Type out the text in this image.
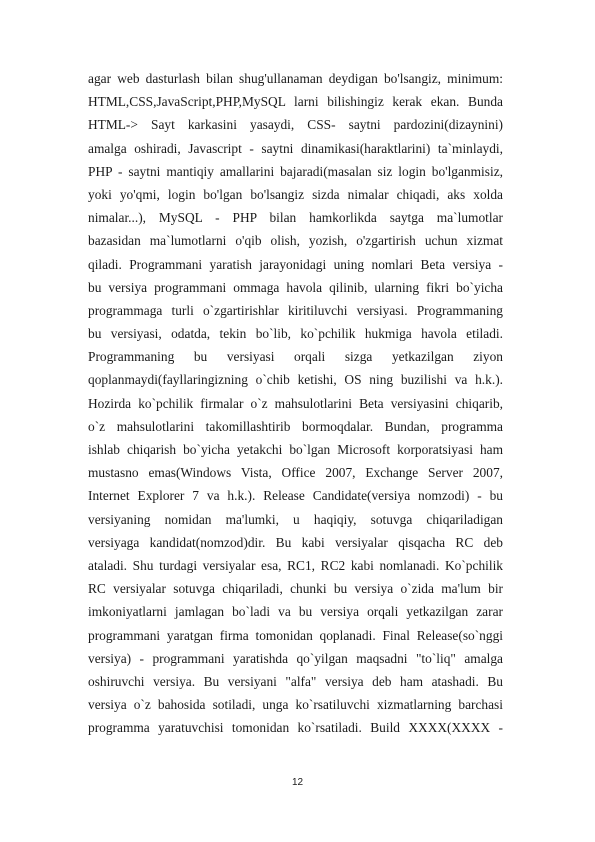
agar web dasturlash bilan shug'ullanaman deydigan bo'lsangiz, minimum:
HTML,CSS,JavaScript,PHP,MySQL larni bilishingiz kerak ekan. Bunda
HTML-> Sayt karkasini yasaydi, CSS- saytni pardozini(dizaynini)
amalga oshiradi, Javascript - saytni dinamikasi(haraktlarini) ta`minlaydi,
PHP - saytni mantiqiy amallarini bajaradi(masalan siz login bo'lganmisiz,
yoki yo'qmi, login bo'lgan bo'lsangiz sizda nimalar chiqadi, aks xolda
nimalar...), MySQL - PHP bilan hamkorlikda saytga ma`lumotlar
bazasidan ma`lumotlarni o'qib olish, yozish, o'zgartirish uchun xizmat
qiladi. Programmani yaratish jarayonidagi uning nomlari Beta versiya -
bu versiya programmani ommaga havola qilinib, ularning fikri bo`yicha
programmaga turli o`zgartirishlar kiritiluvchi versiyasi. Programmaning
bu versiyasi, odatda, tekin bo`lib, ko`pchilik hukmiga havola etiladi.
Programmaning bu versiyasi orqali sizga yetkazilgan ziyon
qoplanmaydi(fayllaringizning o`chib ketishi, OS ning buzilishi va h.k.).
Hozirda ko`pchilik firmalar o`z mahsulotlarini Beta versiyasini chiqarib,
o`z mahsulotlarini takomillashtirib bormoqdalar. Bundan, programma
ishlab chiqarish bo`yicha yetakchi bo`lgan Microsoft korporatsiyasi ham
mustasno emas(Windows Vista, Office 2007, Exchange Server 2007,
Internet Explorer 7 va h.k.). Release Candidate(versiya nomzodi) - bu
versiyaning nomidan ma'lumki, u haqiqiy, sotuvga chiqariladigan
versiyaga kandidat(nomzod)dir. Bu kabi versiyalar qisqacha RC deb
ataladi. Shu turdagi versiyalar esa, RC1, RC2 kabi nomlanadi. Ko`pchilik
RC versiyalar sotuvga chiqariladi, chunki bu versiya o`zida ma'lum bir
imkoniyatlarni jamlagan bo`ladi va bu versiya orqali yetkazilgan zarar
programmani yaratgan firma tomonidan qoplanadi. Final Release(so`nggi
versiya) - programmani yaratishda qo`yilgan maqsadni "to`liq" amalga
oshiruvchi versiya. Bu versiyani "alfa" versiya deb ham atashadi. Bu
versiya o`z bahosida sotiladi, unga ko`rsatiluvchi xizmatlarning barchasi
programma yaratuvchisi tomonidan ko`rsatiladi. Build XXXX(XXXX -
12
